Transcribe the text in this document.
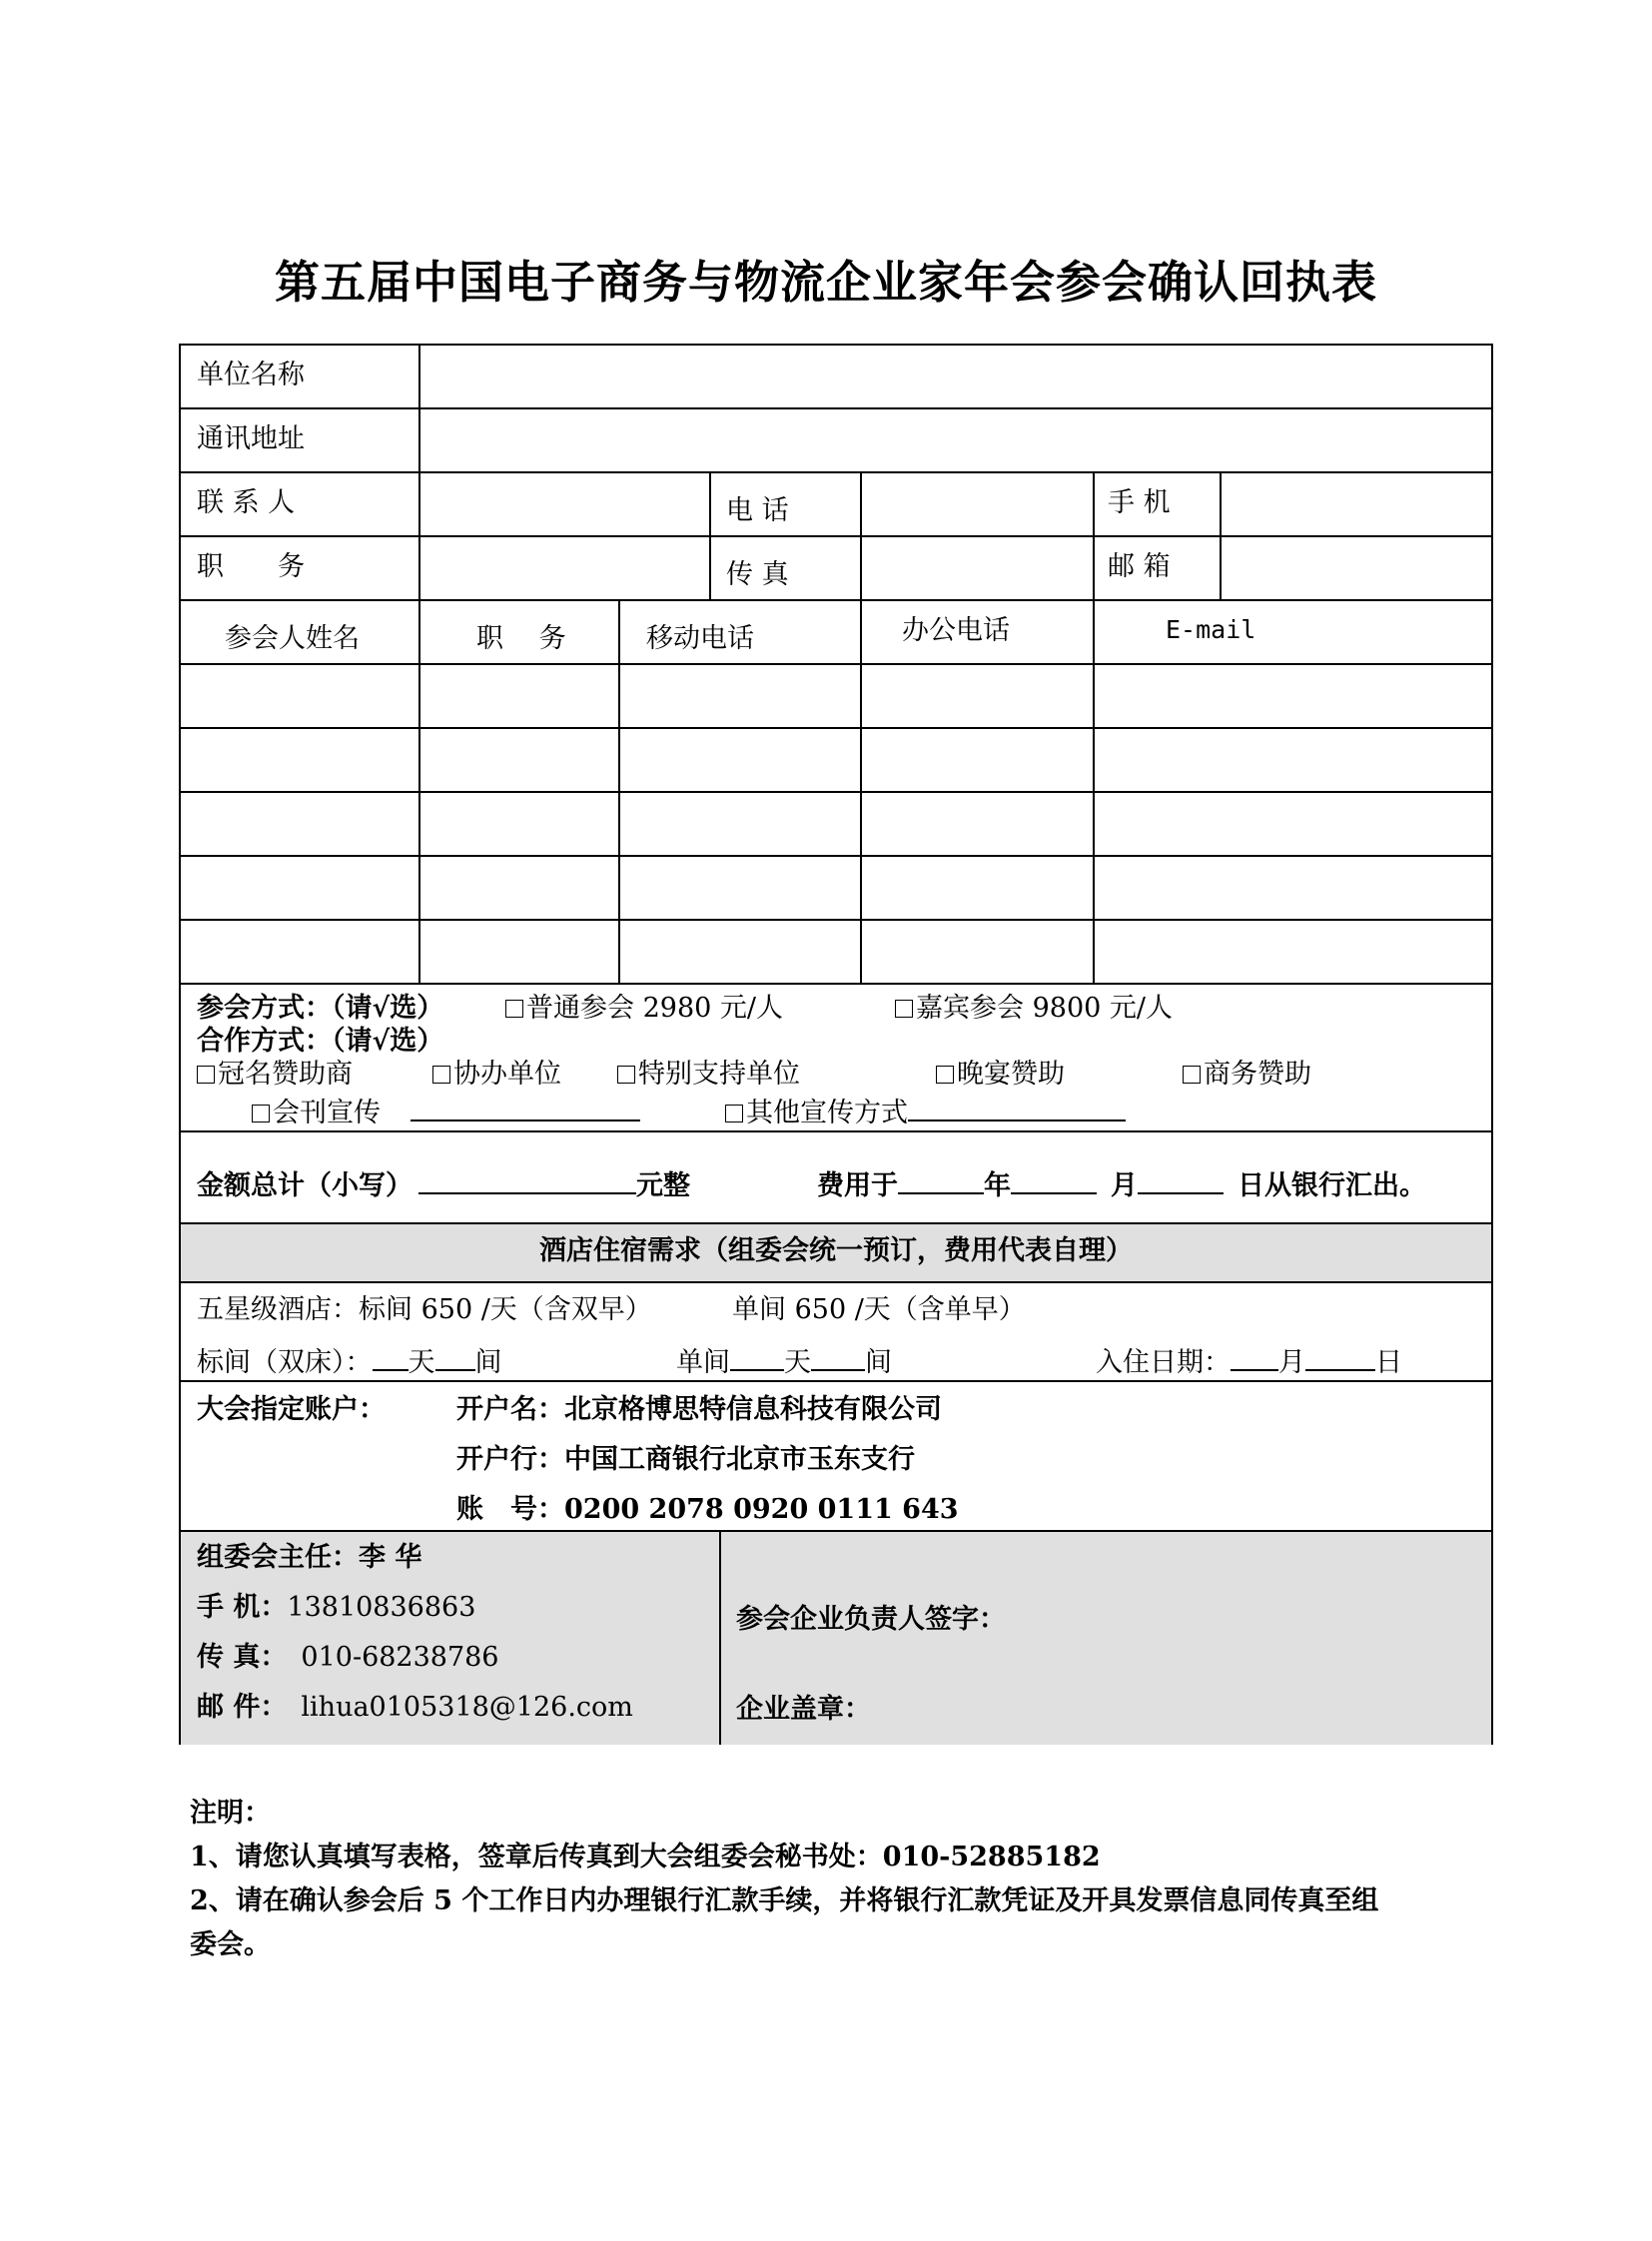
第五届中国电子商务与物流企业家年会参会确认回执表
单位名称
通讯地址
联 系 人	电 话	手 机
职　　务	传 真	邮 箱
参会人姓名	职　 务	移动电话	办公电话	E-mail
参会方式：（请√选）	普通参会 2980 元/人	嘉宾参会 9800 元/人
合作方式：（请√选）
冠名赞助商	协办单位	特别支持单位	晚宴赞助	商务赞助
会刊宣传	其他宣传方式
金额总计（小写）	元整	费用于	年	月	日从银行汇出。
酒店住宿需求（组委会统一预订，费用代表自理）
五星级酒店：标间 650 /天（含双早）	单间 650 /天（含单早）
标间（双床）： 天 间	单间 天 间	入住日期： 月	日
大会指定账户：	开户名：北京格博思特信息科技有限公司
开户行：中国工商银行北京市玉东支行
账　号：0200 2078 0920 0111 643
组委会主任：李 华
手 机：13810836863
传 真： 010-68238786
邮 件： lihua0105318@126.com
参会企业负责人签字：
企业盖章：
注明：
1、请您认真填写表格，签章后传真到大会组委会秘书处：010-52885182
2、请在确认参会后 5 个工作日内办理银行汇款手续，并将银行汇款凭证及开具发票信息同传真至组
委会。
